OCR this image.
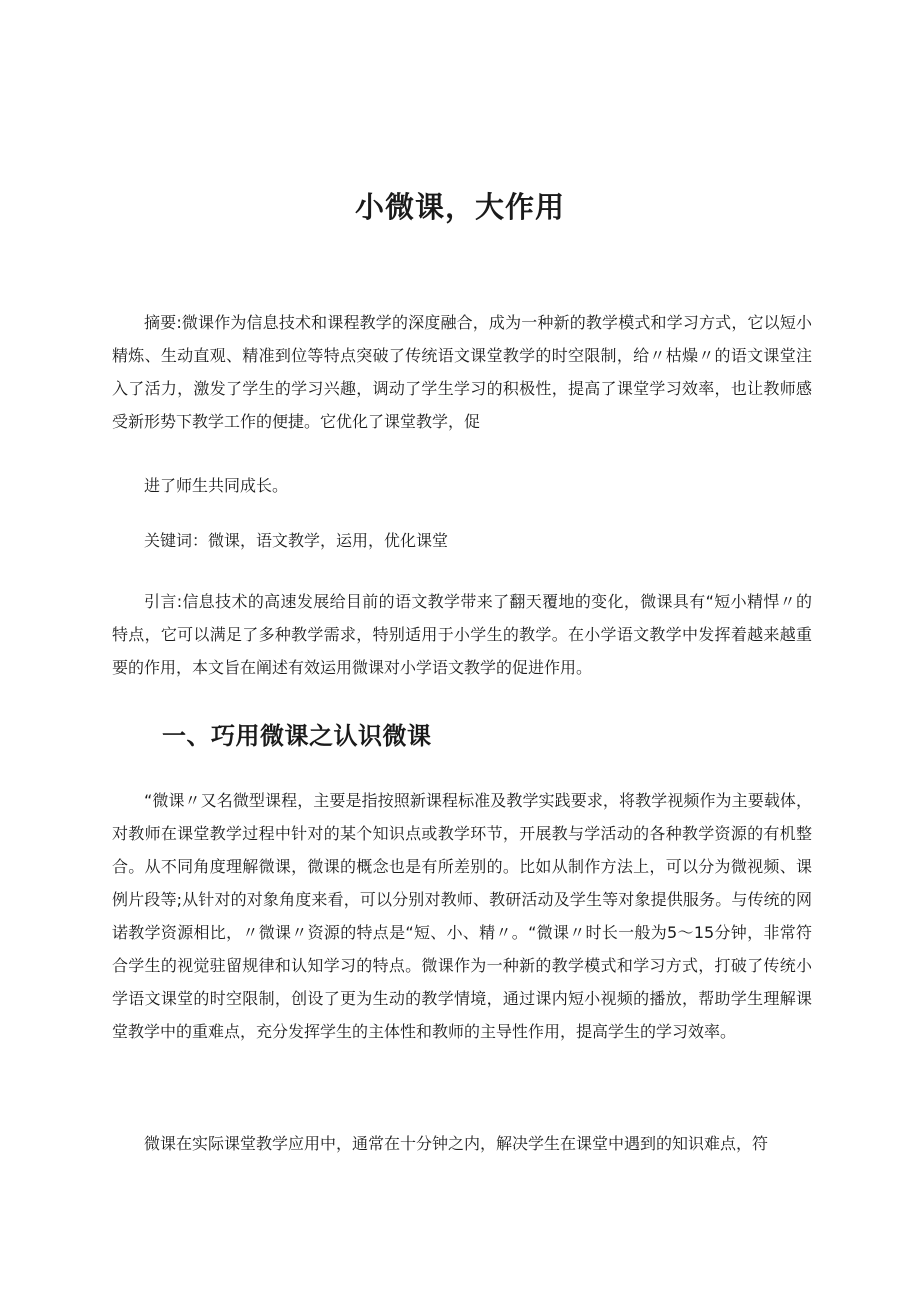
小微课，大作用

摘要:微课作为信息技术和课程教学的深度融合，成为一种新的教学模式和学习方式，它以短小精炼、生动直观、精准到位等特点突破了传统语文课堂教学的时空限制，给〃枯燥〃的语文课堂注入了活力，激发了学生的学习兴趣，调动了学生学习的积极性，提高了课堂学习效率，也让教师感受新形势下教学工作的便捷。它优化了课堂教学，促

进了师生共同成长。

关键词：微课，语文教学，运用，优化课堂

引言:信息技术的高速发展给目前的语文教学带来了翻天覆地的变化，微课具有“短小精悍〃的特点，它可以满足了多种教学需求，特别适用于小学生的教学。在小学语文教学中发挥着越来越重要的作用，本文旨在阐述有效运用微课对小学语文教学的促进作用。

一、巧用微课之认识微课

“微课〃又名微型课程，主要是指按照新课程标准及教学实践要求，将教学视频作为主要载体，对教师在课堂教学过程中针对的某个知识点或教学环节，开展教与学活动的各种教学资源的有机整合。从不同角度理解微课，微课的概念也是有所差别的。比如从制作方法上，可以分为微视频、课例片段等;从针对的对象角度来看，可以分别对教师、教研活动及学生等对象提供服务。与传统的网诺教学资源相比，〃微课〃资源的特点是“短、小、精〃。“微课〃时长一般为5〜15分钟，非常符合学生的视觉驻留规律和认知学习的特点。微课作为一种新的教学模式和学习方式，打破了传统小学语文课堂的时空限制，创设了更为生动的教学情境，通过课内短小视频的播放，帮助学生理解课堂教学中的重难点，充分发挥学生的主体性和教师的主导性作用，提高学生的学习效率。

微课在实际课堂教学应用中，通常在十分钟之内，解决学生在课堂中遇到的知识难点，符
